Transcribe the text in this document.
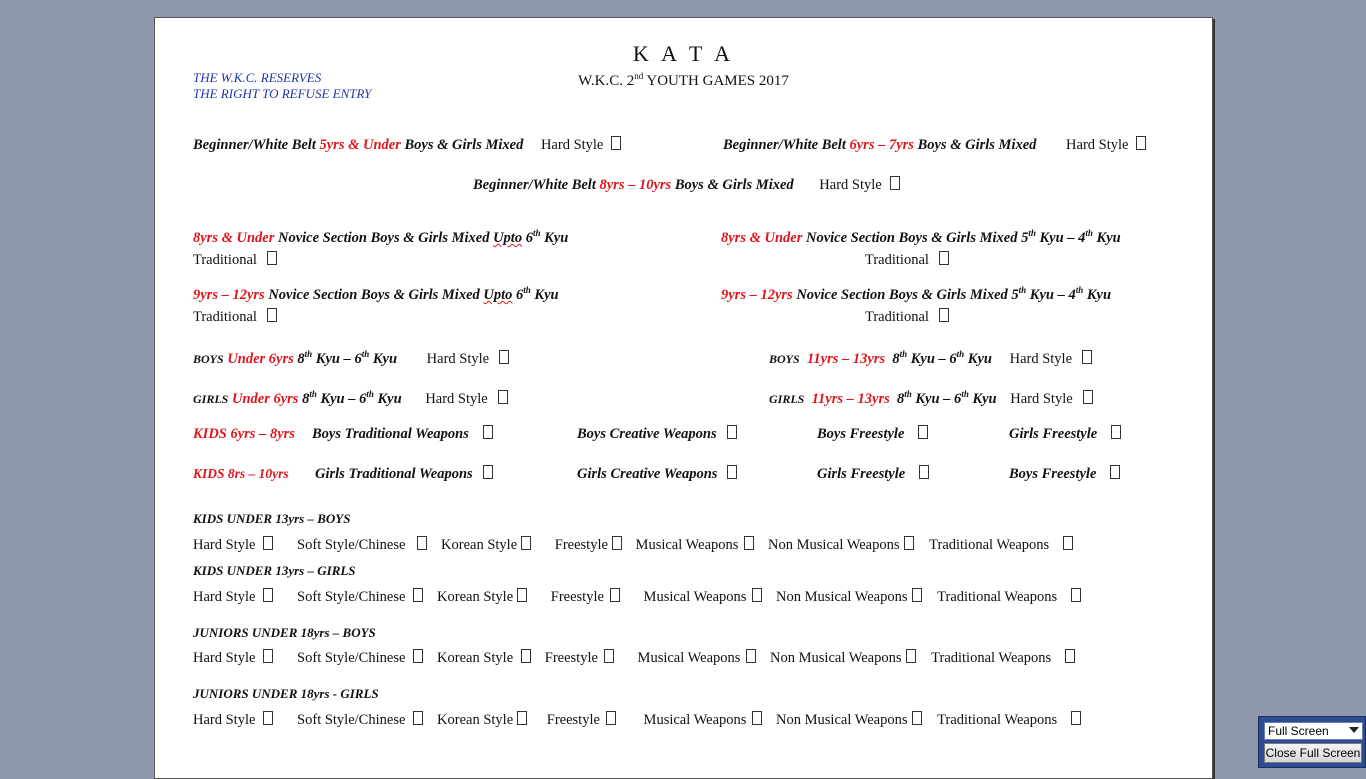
K A T A
W.K.C. 2nd YOUTH GAMES 2017
THE W.K.C. RESERVES
THE RIGHT TO REFUSE ENTRY
Beginner/White Belt 5yrs & Under Boys & Girls Mixed Hard Style	Beginner/White Belt 6yrs – 7yrs Boys & Girls Mixed Hard Style
Beginner/White Belt 8yrs – 10yrs Boys & Girls Mixed Hard Style
8yrs & Under Novice Section Boys & Girls Mixed Upto 6th Kyu
Traditional
8yrs & Under Novice Section Boys & Girls Mixed 5th Kyu – 4th Kyu
Traditional
9yrs – 12yrs Novice Section Boys & Girls Mixed Upto 6th Kyu
Traditional
9yrs – 12yrs Novice Section Boys & Girls Mixed 5th Kyu – 4th Kyu
Traditional
BOYS Under 6yrs 8th Kyu – 6th Kyu Hard Style	BOYS 11yrs – 13yrs 8th Kyu – 6th Kyu Hard Style
GIRLS Under 6yrs 8th Kyu – 6th Kyu Hard Style	GIRLS 11yrs – 13yrs 8th Kyu – 6th Kyu Hard Style
KIDS 6yrs – 8yrs Boys Traditional Weapons	Boys Creative Weapons	Boys Freestyle	Girls Freestyle
KIDS 8rs – 10yrs Girls Traditional Weapons	Girls Creative Weapons	Girls Freestyle	Boys Freestyle
KIDS UNDER 13yrs – BOYS
Hard Style	Soft Style/Chinese Korean Style	Freestyle Musical Weapons Non Musical Weapons Traditional Weapons
KIDS UNDER 13yrs – GIRLS
Hard Style	Soft Style/Chinese Korean Style	Freestyle	Musical Weapons Non Musical Weapons Traditional Weapons
JUNIORS UNDER 18yrs – BOYS
Hard Style	Soft Style/Chinese Korean Style Freestyle	Musical Weapons Non Musical Weapons Traditional Weapons
JUNIORS UNDER 18yrs - GIRLS
Hard Style	Soft Style/Chinese Korean Style Freestyle	Musical Weapons Non Musical Weapons Traditional Weapons
Full Screen
Close Full Screen
